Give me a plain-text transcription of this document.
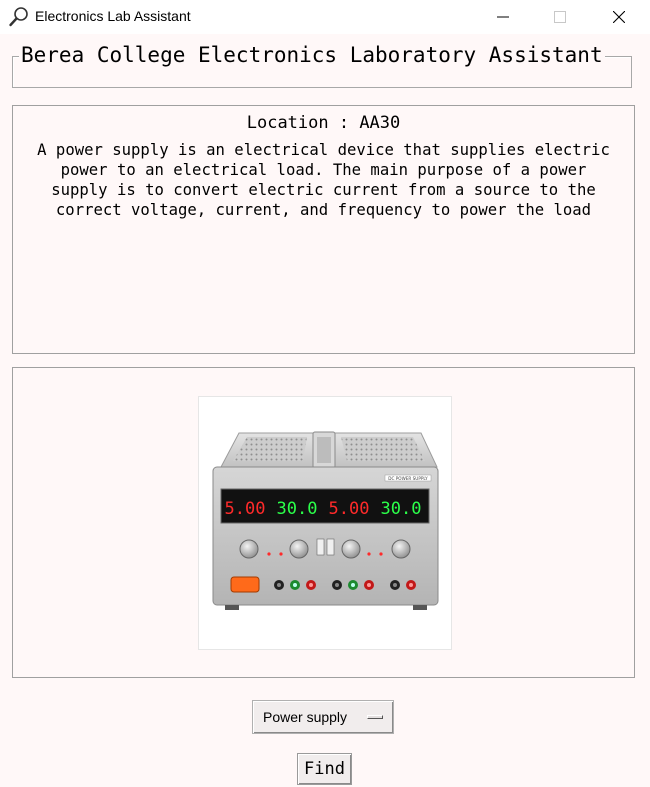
Electronics Lab Assistant
Berea College Electronics Laboratory Assistant
Location : AA30
A power supply is an electrical device that supplies electric
power to an electrical load. The main purpose of a power
supply is to convert electric current from a source to the
correct voltage, current, and frequency to power the load
DC POWER SUPPLY
5.00 30.0 5.00 30.0
Power supply
Find
